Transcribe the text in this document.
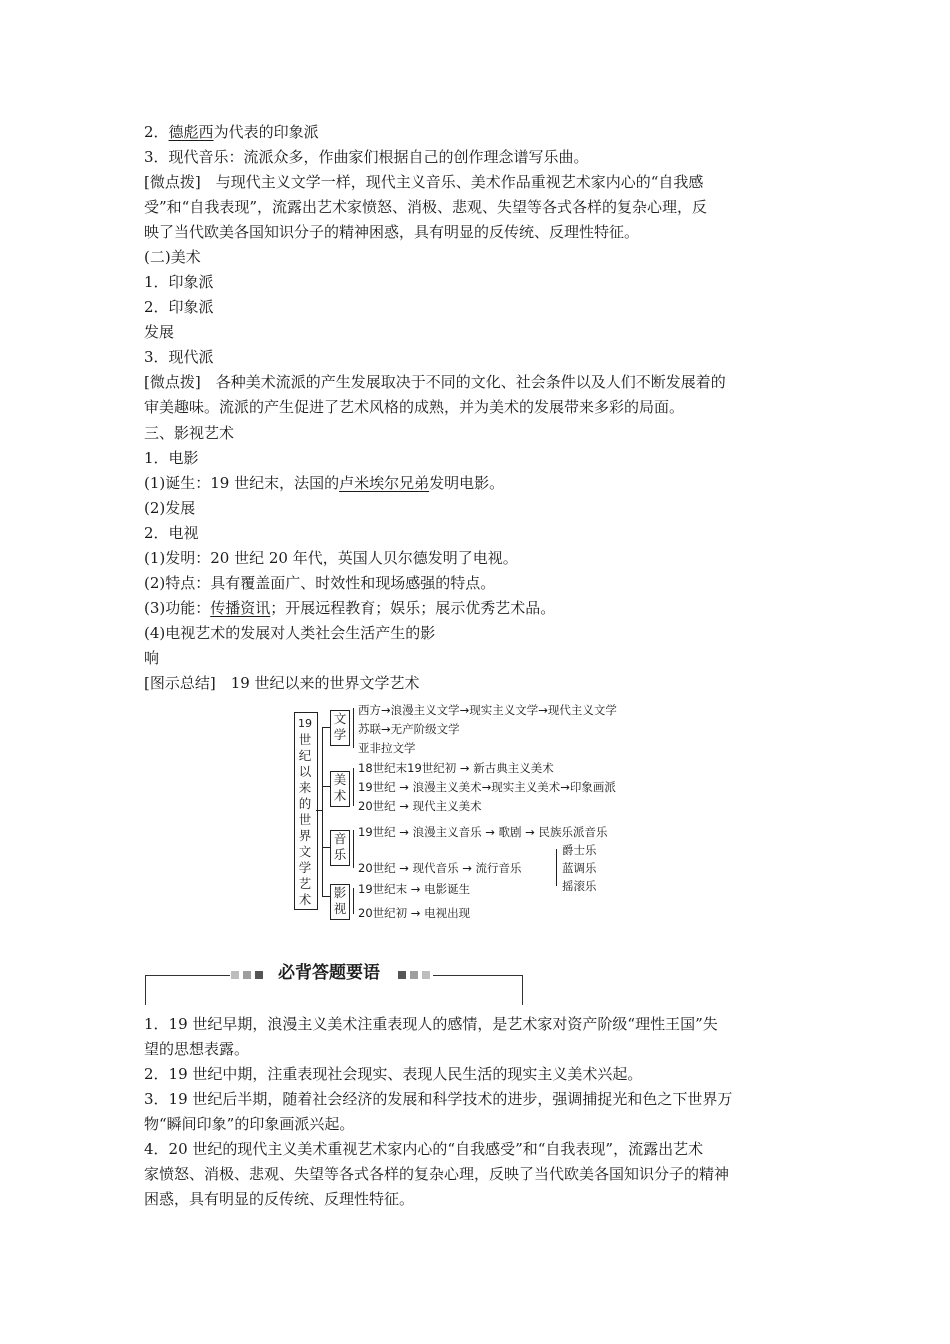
2．德彪西为代表的印象派
3．现代音乐：流派众多，作曲家们根据自己的创作理念谱写乐曲。
[微点拨]　与现代主义文学一样，现代主义音乐、美术作品重视艺术家内心的“自我感
受”和“自我表现”，流露出艺术家愤怒、消极、悲观、失望等各式各样的复杂心理，反
映了当代欧美各国知识分子的精神困惑，具有明显的反传统、反理性特征。
(二)美术
1．印象派
2．印象派
发展
3．现代派
[微点拨]　各种美术流派的产生发展取决于不同的文化、社会条件以及人们不断发展着的
审美趣味。流派的产生促进了艺术风格的成熟，并为美术的发展带来多彩的局面。
三、影视艺术
1．电影
(1)诞生：19 世纪末，法国的卢米埃尔兄弟发明电影。
(2)发展
2．电视
(1)发明：20 世纪 20 年代，英国人贝尔德发明了电视。
(2)特点：具有覆盖面广、时效性和现场感强的特点。
(3)功能：传播资讯；开展远程教育；娱乐；展示优秀艺术品。
(4)电视艺术的发展对人类社会生活产生的影
响
[图示总结]　19 世纪以来的世界文学艺术
19
世
纪
以
来
的
世
界
文
学
艺
术
文
学
西方→浪漫主义文学→现实主义文学→现代主义文学
苏联→无产阶级文学
亚非拉文学
美
术
18世纪末19世纪初 → 新古典主义美术
19世纪 → 浪漫主义美术→现实主义美术→印象画派
20世纪 → 现代主义美术
音
乐
19世纪 → 浪漫主义音乐 → 歌剧 → 民族乐派音乐
20世纪 → 现代音乐 → 流行音乐
爵士乐
蓝调乐
摇滚乐
影
视
19世纪末 → 电影诞生
20世纪初 → 电视出现
必背答题要语
1．19 世纪早期，浪漫主义美术注重表现人的感情，是艺术家对资产阶级“理性王国”失
望的思想表露。
2．19 世纪中期，注重表现社会现实、表现人民生活的现实主义美术兴起。
3．19 世纪后半期，随着社会经济的发展和科学技术的进步，强调捕捉光和色之下世界万
物“瞬间印象”的印象画派兴起。
4．20 世纪的现代主义美术重视艺术家内心的“自我感受”和“自我表现”，流露出艺术
家愤怒、消极、悲观、失望等各式各样的复杂心理，反映了当代欧美各国知识分子的精神
困惑，具有明显的反传统、反理性特征。
